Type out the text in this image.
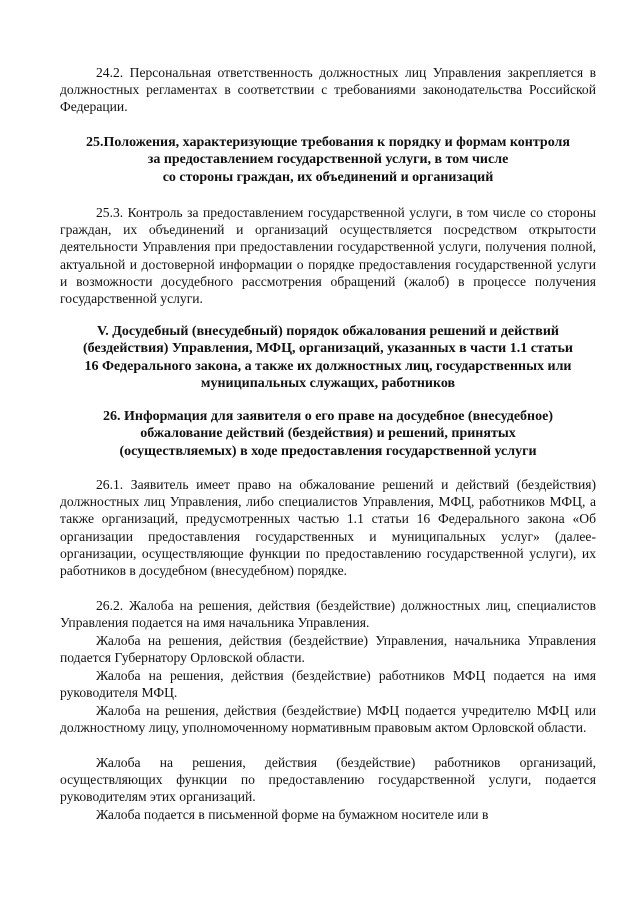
24.2. Персональная ответственность должностных лиц Управления закрепляется в должностных регламентах в соответствии с требованиями законодательства Российской Федерации.

25.Положения, характеризующие требования к порядку и формам контроля
за предоставлением государственной услуги, в том числе
со стороны граждан, их объединений и организаций

25.3. Контроль за предоставлением государственной услуги, в том числе со стороны граждан, их объединений и организаций осуществляется посредством открытости деятельности Управления при предоставлении государственной услуги, получения полной, актуальной и достоверной информации о порядке предоставления государственной услуги и возможности досудебного рассмотрения обращений (жалоб) в процессе получения государственной услуги.

V. Досудебный (внесудебный) порядок обжалования решений и действий
(бездействия) Управления, МФЦ, организаций, указанных в части 1.1 статьи
16 Федерального закона, а также их должностных лиц, государственных или
муниципальных служащих, работников
26. Информация для заявителя о его праве на досудебное (внесудебное)
обжалование действий (бездействия) и решений, принятых
(осуществляемых) в ходе предоставления государственной услуги

26.1. Заявитель имеет право на обжалование решений и действий (бездействия) должностных лиц Управления, либо специалистов Управления, МФЦ, работников МФЦ, а также организаций, предусмотренных частью 1.1 статьи 16 Федерального закона «Об организации предоставления государственных и муниципальных услуг» (далее-организации, осуществляющие функции по предоставлению государственной услуги), их работников в досудебном (внесудебном) порядке.

26.2. Жалоба на решения, действия (бездействие) должностных лиц, специалистов Управления подается на имя начальника Управления.

Жалоба на решения, действия (бездействие) Управления, начальника Управления подается Губернатору Орловской области.

Жалоба на решения, действия (бездействие) работников МФЦ подается на имя руководителя МФЦ.

Жалоба на решения, действия (бездействие) МФЦ подается учредителю МФЦ или должностному лицу, уполномоченному нормативным правовым актом Орловской области.

Жалоба на решения, действия (бездействие) работников организаций, осуществляющих функции по предоставлению государственной услуги, подается руководителям этих организаций.

Жалоба подается в письменной форме на бумажном носителе или в
